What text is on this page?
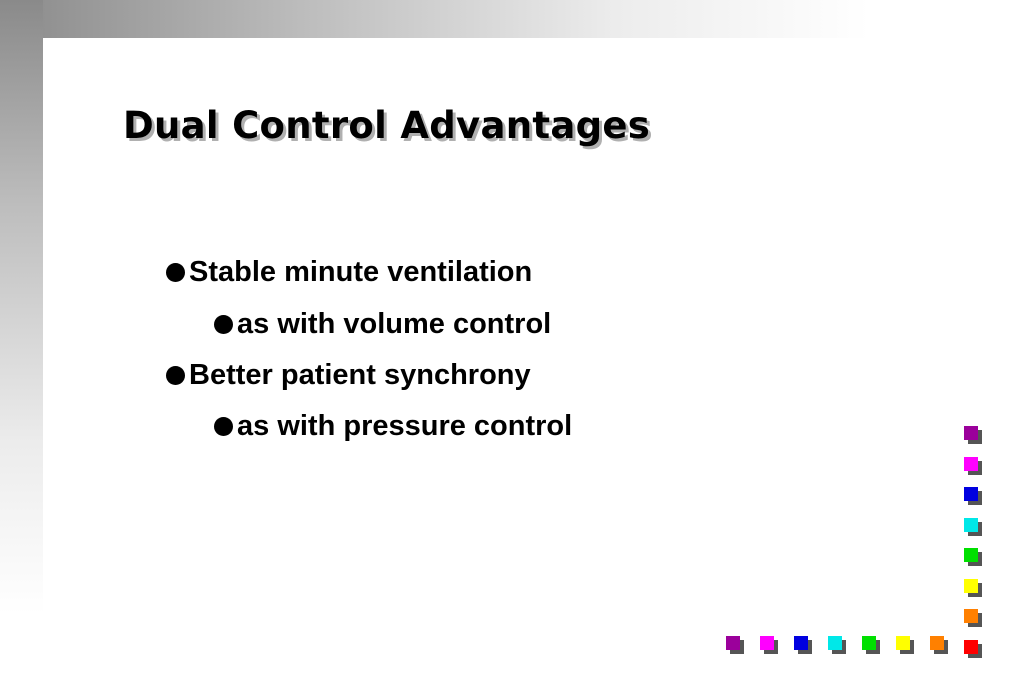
Dual Control Advantages
Stable minute ventilation
as with volume control
Better patient synchrony
as with pressure control
